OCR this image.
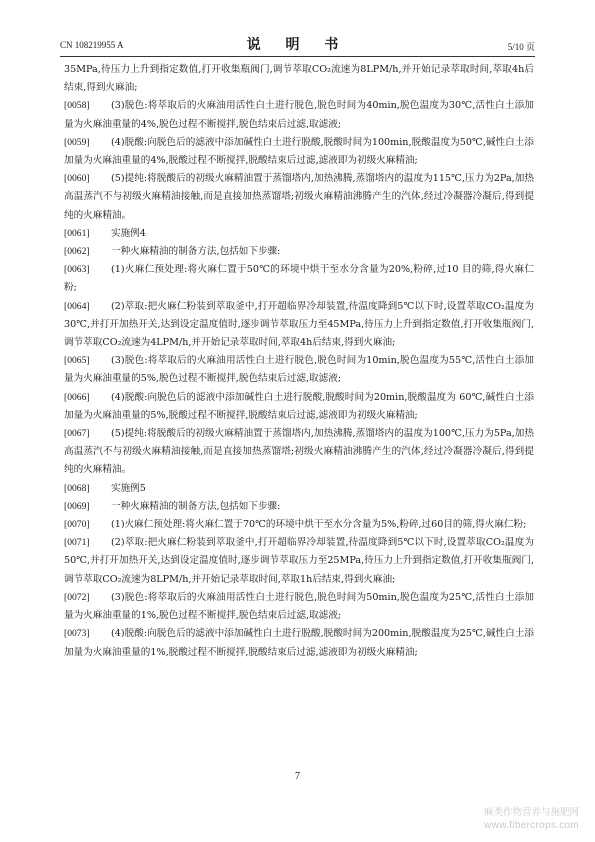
CN 108219955 A	说 明 书	5/10 页

35MPa,待压力上升到指定数值,打开收集瓶阀门,调节萃取CO₂流速为8LPM/h,并开始记录萃取时间,萃取4h后结束,得到火麻油;

[0058] (3)脱色:将萃取后的火麻油用活性白土进行脱色,脱色时间为40min,脱色温度为30℃,活性白土添加量为火麻油重量的4%,脱色过程不断搅拌,脱色结束后过滤,取滤液;

[0059] (4)脱酸:向脱色后的滤液中添加碱性白土进行脱酸,脱酸时间为100min,脱酸温度为50℃,碱性白土添加量为火麻油重量的4%,脱酸过程不断搅拌,脱酸结束后过滤,滤液即为初级火麻精油;

[0060] (5)提纯:将脱酸后的初级火麻精油置于蒸馏塔内,加热沸腾,蒸馏塔内的温度为115℃,压力为2Pa,加热高温蒸汽不与初级火麻精油接触,而是直接加热蒸馏塔;初级火麻精油沸腾产生的汽体,经过冷凝器冷凝后,得到提纯的火麻精油。

[0061] 实施例4

[0062] 一种火麻精油的制备方法,包括如下步骤:

[0063] (1)火麻仁预处理:将火麻仁置于50℃的环境中烘干至水分含量为20%,粉碎,过10 目的筛,得火麻仁粉;

[0064] (2)萃取:把火麻仁粉装到萃取釜中,打开超临界冷却装置,待温度降到5℃以下时,设置萃取CO₂温度为30℃,并打开加热开关,达到设定温度值时,逐步调节萃取压力至45MPa,待压力上升到指定数值,打开收集瓶阀门,调节萃取CO₂流速为4LPM/h,并开始记录萃取时间,萃取4h后结束,得到火麻油;

[0065] (3)脱色:将萃取后的火麻油用活性白土进行脱色,脱色时间为10min,脱色温度为55℃,活性白土添加量为火麻油重量的5%,脱色过程不断搅拌,脱色结束后过滤,取滤液;

[0066] (4)脱酸:向脱色后的滤液中添加碱性白土进行脱酸,脱酸时间为20min,脱酸温度为 60℃,碱性白土添加量为火麻油重量的5%,脱酸过程不断搅拌,脱酸结束后过滤,滤液即为初级火麻精油;

[0067] (5)提纯:将脱酸后的初级火麻精油置于蒸馏塔内,加热沸腾,蒸馏塔内的温度为100℃,压力为5Pa,加热高温蒸汽不与初级火麻精油接触,而是直接加热蒸馏塔;初级火麻精油沸腾产生的汽体,经过冷凝器冷凝后,得到提纯的火麻精油。

[0068] 实施例5

[0069] 一种火麻精油的制备方法,包括如下步骤:

[0070] (1)火麻仁预处理:将火麻仁置于70℃的环境中烘干至水分含量为5%,粉碎,过60目的筛,得火麻仁粉;

[0071] (2)萃取:把火麻仁粉装到萃取釜中,打开超临界冷却装置,待温度降到5℃以下时,设置萃取CO₂温度为50℃,并打开加热开关,达到设定温度值时,逐步调节萃取压力至25MPa,待压力上升到指定数值,打开收集瓶阀门,调节萃取CO₂流速为8LPM/h,并开始记录萃取时间,萃取1h后结束,得到火麻油;

[0072] (3)脱色:将萃取后的火麻油用活性白土进行脱色,脱色时间为50min,脱色温度为25℃,活性白土添加量为火麻油重量的1%,脱色过程不断搅拌,脱色结束后过滤,取滤液;

[0073] (4)脱酸:向脱色后的滤液中添加碱性白土进行脱酸,脱酸时间为200min,脱酸温度为25℃,碱性白土添加量为火麻油重量的1%,脱酸过程不断搅拌,脱酸结束后过滤,滤液即为初级火麻精油;

7
麻类作物营养与施肥网
www.fibercrops.com
